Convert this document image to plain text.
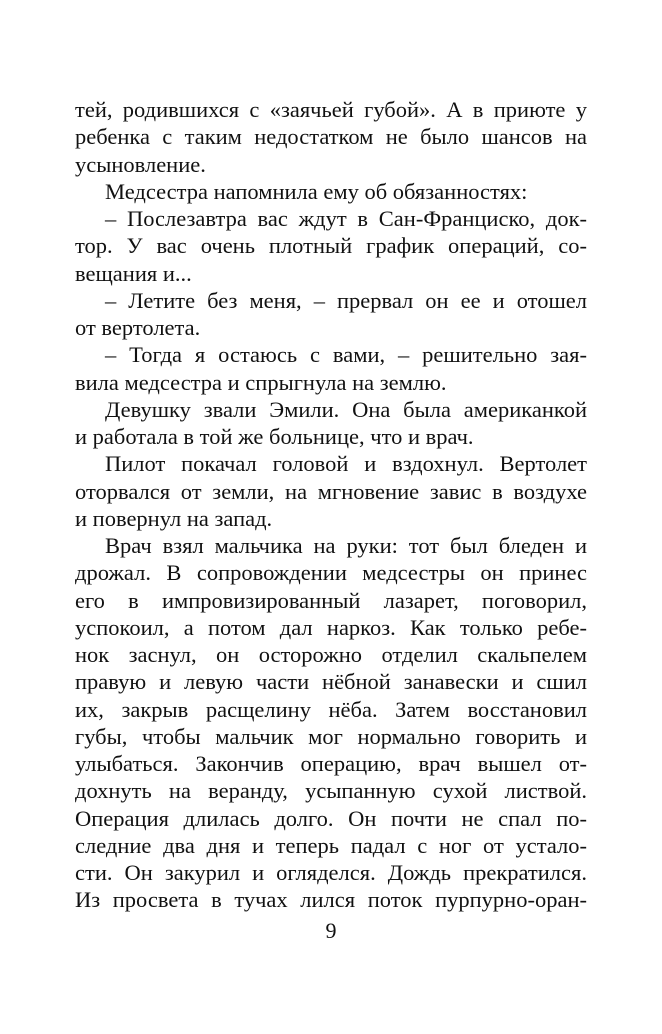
тей, родившихся с «заячьей губой». А в приюте у
ребенка с таким недостатком не было шансов на
усыновление.
Медсестра напомнила ему об обязанностях:
– Послезавтра вас ждут в Сан-Франциско, док-
тор. У вас очень плотный график операций, со-
вещания и...
– Летите без меня, – прервал он ее и отошел
от вертолета.
– Тогда я остаюсь с вами, – решительно зая-
вила медсестра и спрыгнула на землю.
Девушку звали Эмили. Она была американкой
и работала в той же больнице, что и врач.
Пилот покачал головой и вздохнул. Вертолет
оторвался от земли, на мгновение завис в воздухе
и повернул на запад.
Врач взял мальчика на руки: тот был бледен и
дрожал. В сопровождении медсестры он принес
его в импровизированный лазарет, поговорил,
успокоил, а потом дал наркоз. Как только ребе-
нок заснул, он осторожно отделил скальпелем
правую и левую части нёбной занавески и сшил
их, закрыв расщелину нёба. Затем восстановил
губы, чтобы мальчик мог нормально говорить и
улыбаться. Закончив операцию, врач вышел от-
дохнуть на веранду, усыпанную сухой листвой.
Операция длилась долго. Он почти не спал по-
следние два дня и теперь падал с ног от устало-
сти. Он закурил и огляделся. Дождь прекратился.
Из просвета в тучах лился поток пурпурно-оран-
9
